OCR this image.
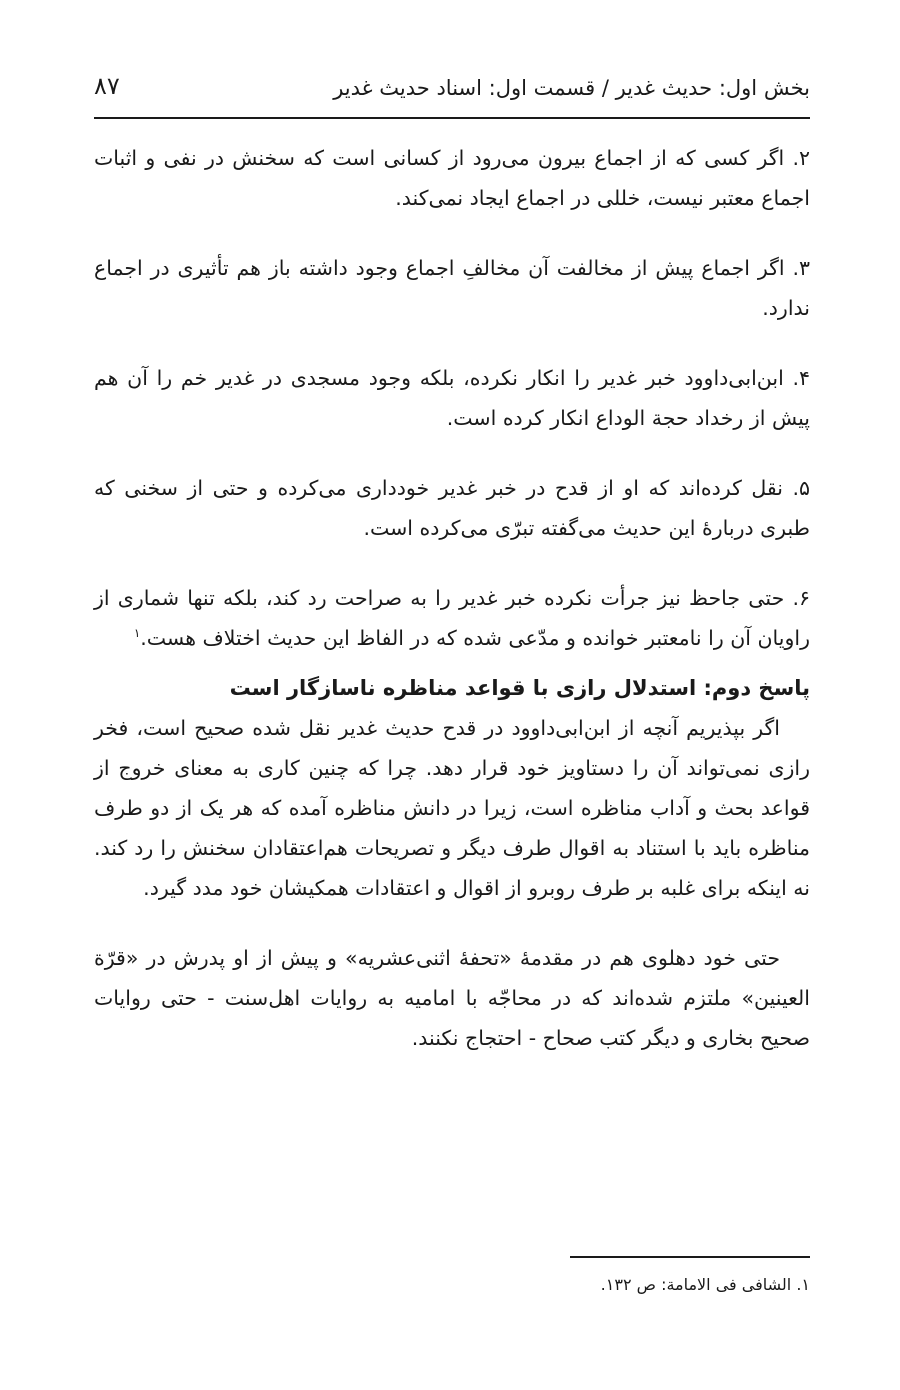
بخش اول: حدیث غدیر / قسمت اول: اسناد حدیث غدیر
۸۷

۲. اگر کسی که از اجماع بیرون می‌رود از کسانی است که سخنش در نفی و اثبات اجماع معتبر نیست، خللی در اجماع ایجاد نمی‌کند.

۳. اگر اجماع پیش از مخالفت آن مخالفِ اجماع وجود داشته باز هم تأثیری در اجماع ندارد.

۴. ابن‌ابی‌داوود خبر غدیر را انکار نکرده، بلکه وجود مسجدی در غدیر خم را آن هم پیش از رخداد حجة الوداع انکار کرده است.

۵. نقل کرده‌اند که او از قدح در خبر غدیر خودداری می‌کرده و حتی از سخنی که طبری دربارهٔ این حدیث می‌گفته تبرّی می‌کرده است.

۶. حتی جاحظ نیز جرأت نکرده خبر غدیر را به صراحت رد کند، بلکه تنها شماری از راویان آن را نامعتبر خوانده و مدّعی شده که در الفاظ این حدیث اختلاف هست.$^۱$

پاسخ دوم: استدلال رازی با قواعد مناظره ناسازگار است

اگر بپذیریم آنچه از ابن‌ابی‌داوود در قدح حدیث غدیر نقل شده صحیح است، فخر رازی نمی‌تواند آن را دستاویز خود قرار دهد. چرا که چنین کاری به معنای خروج از قواعد بحث و آداب مناظره است، زیرا در دانش مناظره آمده که هر یک از دو طرف مناظره باید با استناد به اقوال طرف دیگر و تصریحات هم‌اعتقادان سخنش را رد کند. نه اینکه برای غلبه بر طرف روبرو از اقوال و اعتقادات همکیشان خود مدد گیرد.

حتی خود دهلوی هم در مقدمهٔ «تحفهٔ اثنی‌عشریه» و پیش از او پدرش در «قرّة العینین» ملتزم شده‌اند که در محاجّه با امامیه به روایات اهل‌سنت - حتی روایات صحیح بخاری و دیگر کتب صحاح - احتجاج نکنند.

۱. الشافی فی الامامة: ص ۱۳۲.
